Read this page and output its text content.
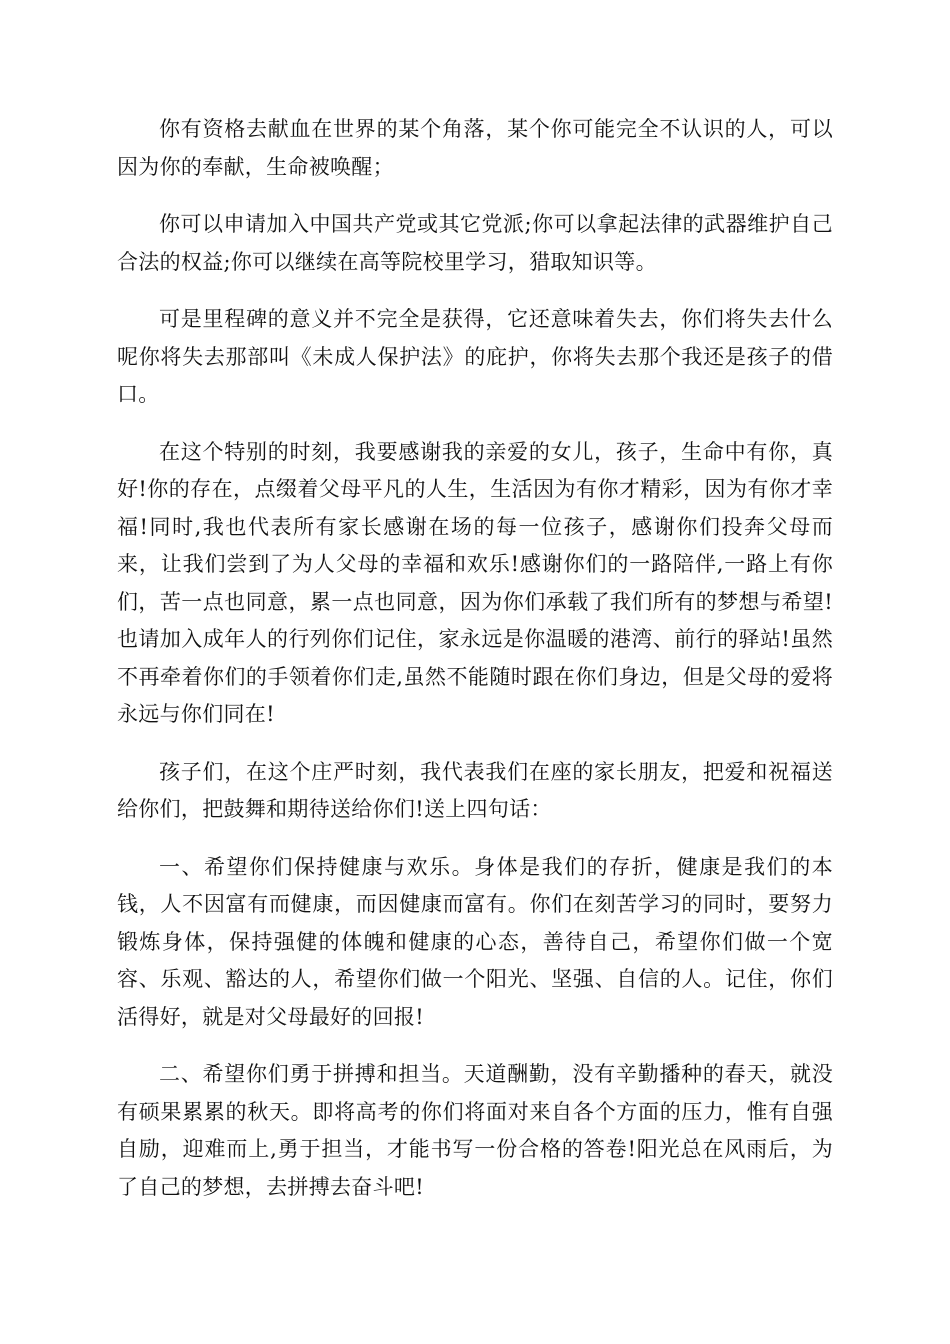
你有资格去献血在世界的某个角落，某个你可能完全不认识的人，可以因为你的奉献，生命被唤醒；

你可以申请加入中国共产党或其它党派;你可以拿起法律的武器维护自己合法的权益;你可以继续在高等院校里学习，猎取知识等。

可是里程碑的意义并不完全是获得，它还意味着失去，你们将失去什么呢你将失去那部叫《未成人保护法》的庇护，你将失去那个我还是孩子的借口。

在这个特别的时刻，我要感谢我的亲爱的女儿，孩子，生命中有你，真好!你的存在，点缀着父母平凡的人生，生活因为有你才精彩，因为有你才幸福!同时,我也代表所有家长感谢在场的每一位孩子，感谢你们投奔父母而来，让我们尝到了为人父母的幸福和欢乐!感谢你们的一路陪伴,一路上有你们，苦一点也同意，累一点也同意，因为你们承载了我们所有的梦想与希望!也请加入成年人的行列你们记住，家永远是你温暖的港湾、前行的驿站!虽然不再牵着你们的手领着你们走,虽然不能随时跟在你们身边，但是父母的爱将永远与你们同在!

孩子们，在这个庄严时刻，我代表我们在座的家长朋友，把爱和祝福送给你们，把鼓舞和期待送给你们!送上四句话：

一、希望你们保持健康与欢乐。身体是我们的存折，健康是我们的本钱，人不因富有而健康，而因健康而富有。你们在刻苦学习的同时，要努力锻炼身体，保持强健的体魄和健康的心态，善待自己，希望你们做一个宽容、乐观、豁达的人，希望你们做一个阳光、坚强、自信的人。记住，你们活得好，就是对父母最好的回报!

二、希望你们勇于拼搏和担当。天道酬勤，没有辛勤播种的春天，就没有硕果累累的秋天。即将高考的你们将面对来自各个方面的压力，惟有自强自励，迎难而上,勇于担当，才能书写一份合格的答卷!阳光总在风雨后，为了自己的梦想，去拼搏去奋斗吧!
